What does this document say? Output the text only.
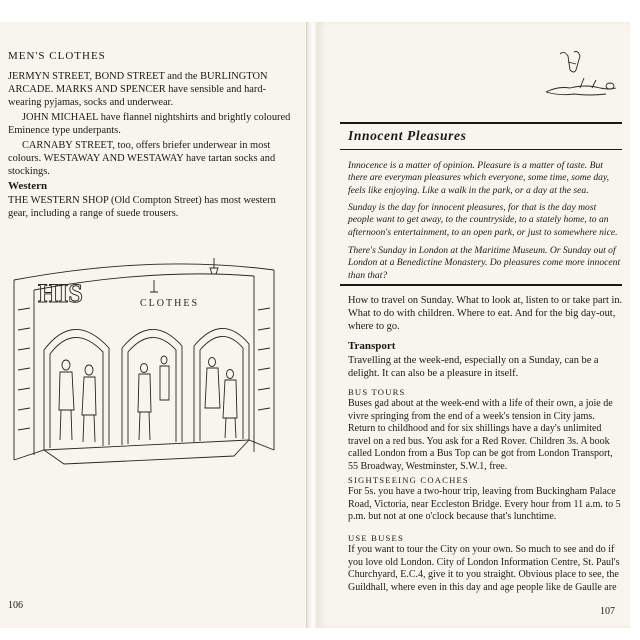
MEN'S CLOTHES
JERMYN STREET, BOND STREET and the BURLINGTON ARCADE. MARKS AND SPENCER have sensible and hard-wearing pyjamas, socks and underwear.
JOHN MICHAEL have flannel nightshirts and brightly coloured Eminence type underpants.
CARNABY STREET, too, offers briefer underwear in most colours. WESTAWAY AND WESTAWAY have tartan socks and stockings.
Western
THE WESTERN SHOP (Old Compton Street) has most western gear, including a range of suede trousers.
HIS	CLOTHES
106
Innocent Pleasures
Innocence is a matter of opinion. Pleasure is a matter of taste. But there are everyman pleasures which everyone, some time, some day, feels like enjoying. Like a walk in the park, or a day at the sea.
Sunday is the day for innocent pleasures, for that is the day most people want to get away, to the countryside, to a stately home, to an afternoon's entertainment, to an open park, or just to somewhere nice.
There's Sunday in London at the Maritime Museum. Or Sunday out of London at a Benedictine Monastery. Do pleasures come more innocent than that?
How to travel on Sunday. What to look at, listen to or take part in. What to do with children. Where to eat. And for the big day-out, where to go.
Transport
Travelling at the week-end, especially on a Sunday, can be a delight. It can also be a pleasure in itself.
BUS TOURS
Buses gad about at the week-end with a life of their own, a joie de vivre springing from the end of a week's tension in City jams. Return to childhood and for six shillings have a day's unlimited travel on a red bus. You ask for a Red Rover. Children 3s. A book called London from a Bus Top can be got from London Transport, 55 Broadway, Westminster, S.W.1, free.
SIGHTSEEING COACHES
For 5s. you have a two-hour trip, leaving from Buckingham Palace Road, Victoria, near Eccleston Bridge. Every hour from 11 a.m. to 5 p.m. but not at one o'clock because that's lunchtime.
USE BUSES
If you want to tour the City on your own. So much to see and do if you love old London. City of London Information Centre, St. Paul's Churchyard, E.C.4, give it to you straight. Obvious place to see, the Guildhall, where even in this day and age people like de Gaulle are
107
